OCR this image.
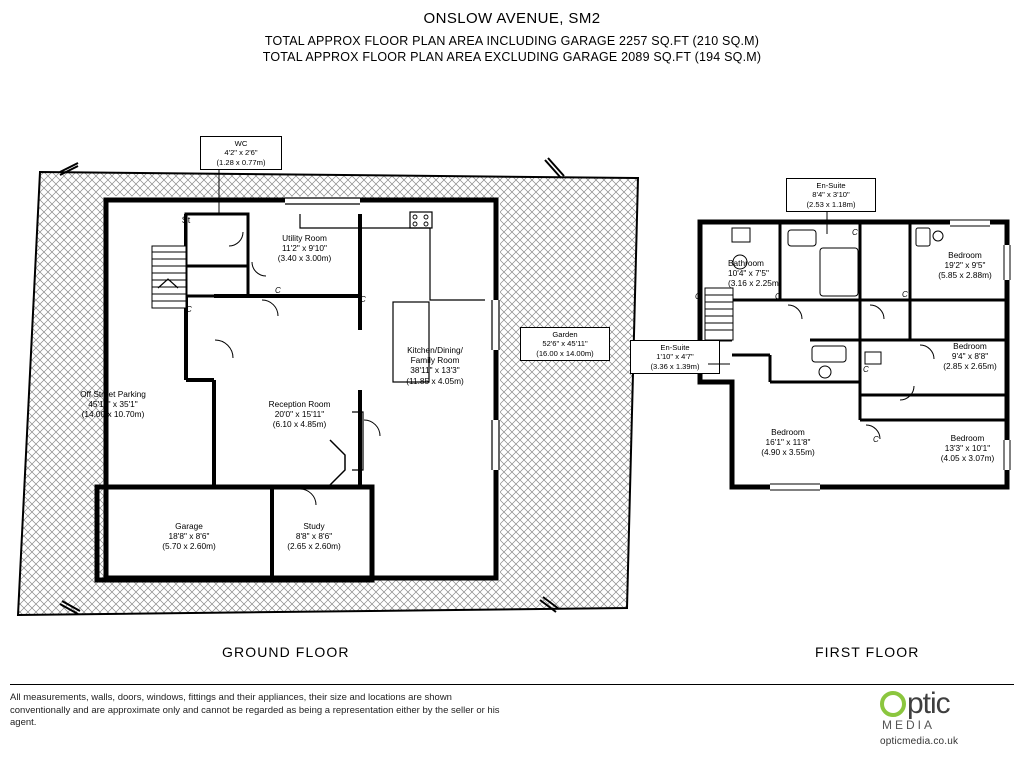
ONSLOW AVENUE, SM2
TOTAL APPROX FLOOR PLAN AREA INCLUDING GARAGE 2257 SQ.FT (210 SQ.M)
TOTAL APPROX FLOOR PLAN AREA EXCLUDING GARAGE 2089 SQ.FT (194 SQ.M)
Off Street Parking
45'11" x 35'1"
(14.00 x 10.70m)
Utility Room
11'2" x 9'10"
(3.40 x 3.00m)
Kitchen/Dining/
Family Room
38'11" x 13'3"
(11.85 x 4.05m)
Reception Room
20'0" x 15'11"
(6.10 x 4.85m)
Garage
18'8" x 8'6"
(5.70 x 2.60m)
Study
8'8" x 8'6"
(2.65 x 2.60m)
WC
4'2" x 2'6"
(1.28 x 0.77m)
Garden
52'6" x 45'11"
(16.00 x 14.00m)
St
C
C
C
Bedroom
19'2" x 9'5"
(5.85 x 2.88m)
Bedroom
9'4" x 8'8"
(2.85 x 2.65m)
Bedroom
16'1" x 11'8"
(4.90 x 3.55m)
Bedroom
13'3" x 10'1"
(4.05 x 3.07m)
Bathroom
10'4" x 7'5"
(3.16 x 2.25m)
En-Suite
8'4" x 3'10"
(2.53 x 1.18m)
En-Suite
1'10" x 4'7"
(3.36 x 1.39m)
C
C
C
C
C
C
GROUND FLOOR	FIRST FLOOR
All measurements, walls, doors, windows, fittings and their appliances, their size and locations are shown conventionally and are approximate only and cannot be regarded as being a representation either by the seller or his agent.
ptic
MEDIA
opticmedia.co.uk
